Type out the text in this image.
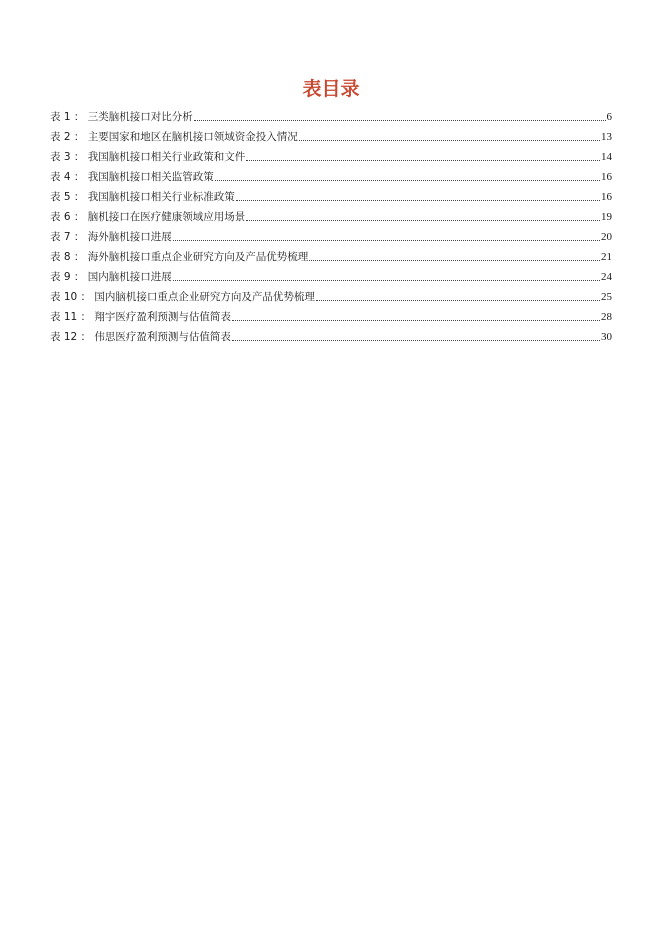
表目录
表 1 ： 三类脑机接口对比分析	6
表 2 ： 主要国家和地区在脑机接口领域资金投入情况	13
表 3 ： 我国脑机接口相关行业政策和文件	14
表 4 ： 我国脑机接口相关监管政策	16
表 5 ： 我国脑机接口相关行业标准政策	16
表 6 ： 脑机接口在医疗健康领域应用场景	19
表 7 ： 海外脑机接口进展	20
表 8 ： 海外脑机接口重点企业研究方向及产品优势梳理	21
表 9 ： 国内脑机接口进展	24
表 10 ： 国内脑机接口重点企业研究方向及产品优势梳理	25
表 11 ： 翔宇医疗盈利预测与估值简表	28
表 12 ： 伟思医疗盈利预测与估值简表	30
